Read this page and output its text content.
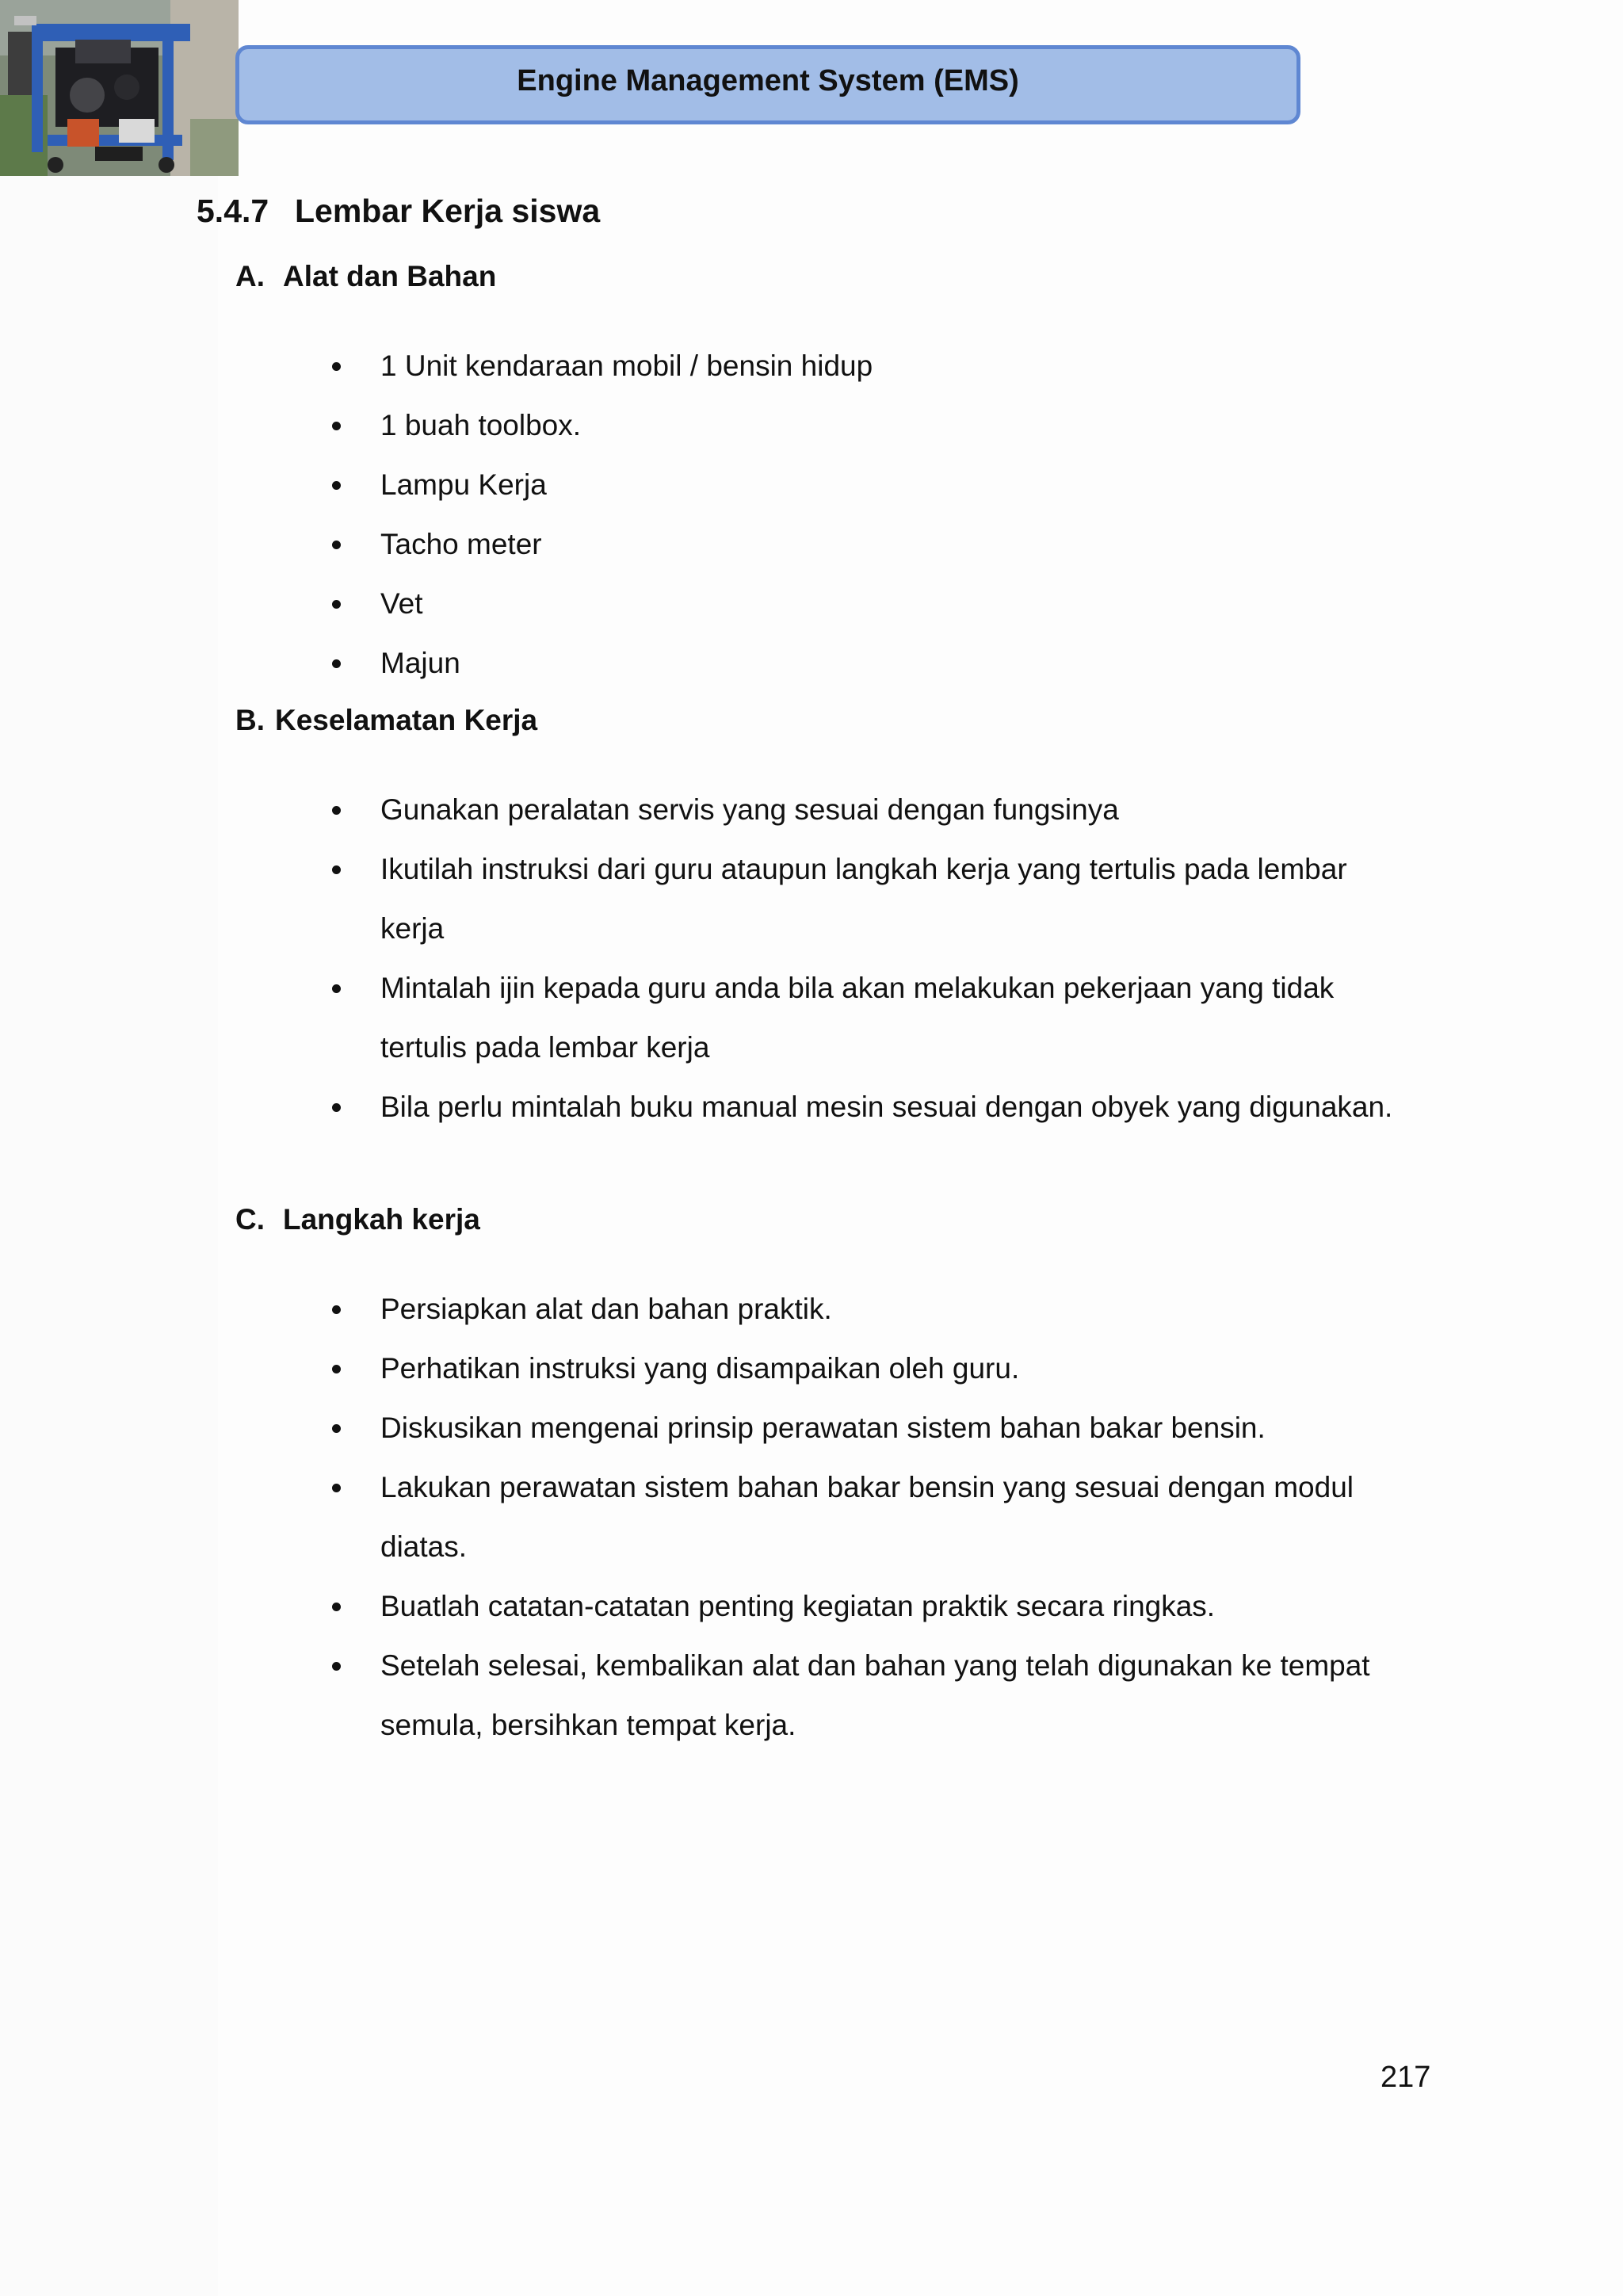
Engine Management System (EMS)
5.4.7 Lembar Kerja siswa
A. Alat dan Bahan
1 Unit kendaraan mobil / bensin hidup
1 buah toolbox.
Lampu Kerja
Tacho meter
Vet
Majun
B. Keselamatan Kerja
Gunakan peralatan servis yang sesuai dengan fungsinya
Ikutilah instruksi dari guru ataupun langkah kerja yang tertulis pada lembar kerja
Mintalah ijin kepada guru anda bila akan melakukan pekerjaan yang tidak tertulis pada lembar kerja
Bila perlu mintalah buku manual mesin sesuai dengan obyek yang digunakan.
C. Langkah kerja
Persiapkan alat dan bahan praktik.
Perhatikan instruksi yang disampaikan oleh guru.
Diskusikan mengenai prinsip perawatan sistem bahan bakar bensin.
Lakukan perawatan sistem bahan bakar bensin yang sesuai dengan modul diatas.
Buatlah catatan-catatan penting kegiatan praktik secara ringkas.
Setelah selesai, kembalikan alat dan bahan yang telah digunakan ke tempat semula, bersihkan tempat kerja.
217
